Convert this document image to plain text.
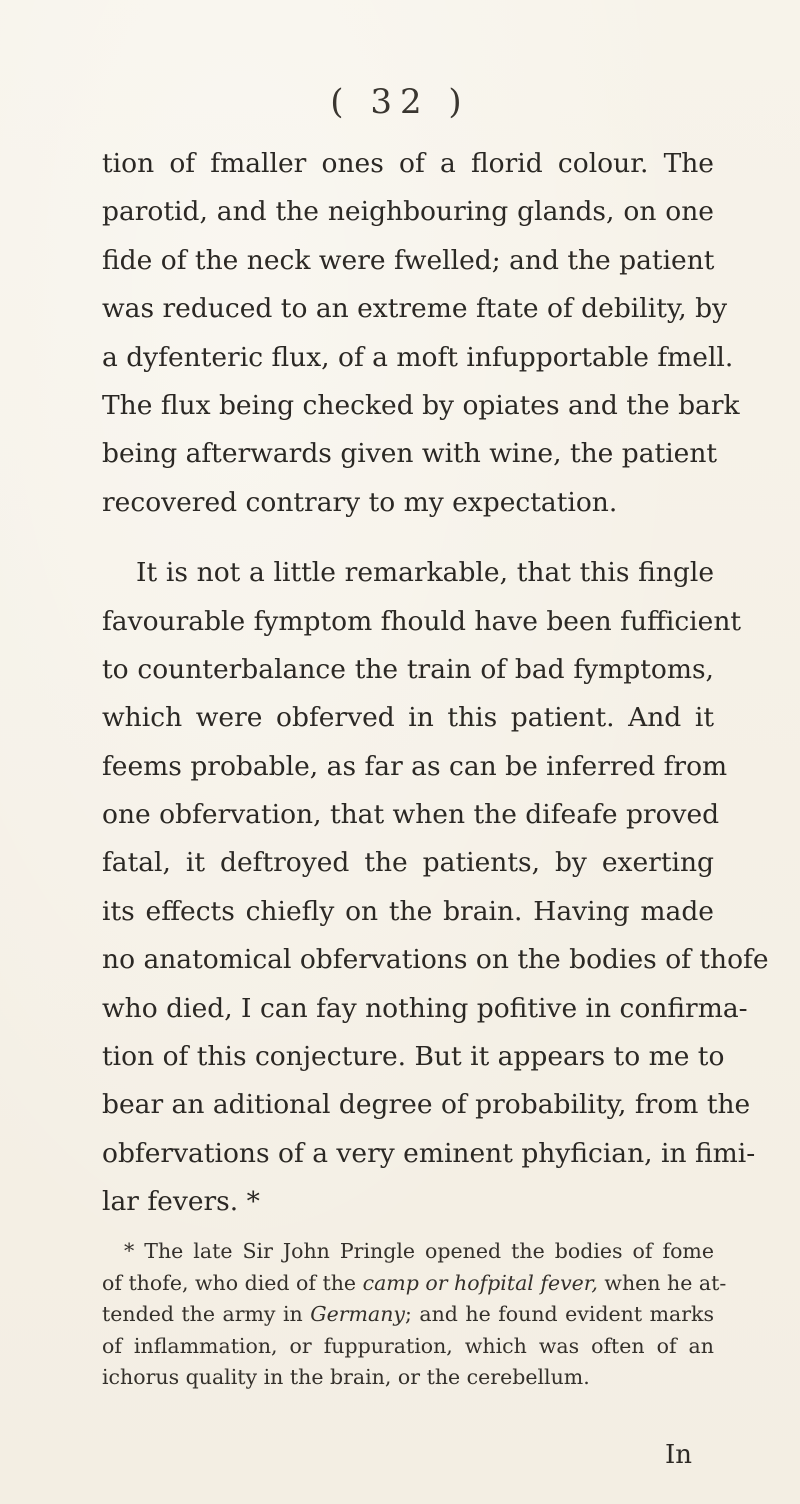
( 32 )
tion of fmaller ones of a florid colour. The
parotid, and the neighbouring glands, on one
fide of the neck were fwelled; and the patient
was reduced to an extreme ftate of debility, by
a dyfenteric flux, of a moft infupportable fmell.
The flux being checked by opiates and the bark
being afterwards given with wine, the patient
recovered contrary to my expectation.
It is not a little remarkable, that this fingle
favourable fymptom fhould have been fufficient
to counterbalance the train of bad fymptoms,
which were obferved in this patient. And it
feems probable, as far as can be inferred from
one obfervation, that when the difeafe proved
fatal, it deftroyed the patients, by exerting
its effects chiefly on the brain. Having made
no anatomical obfervations on the bodies of thofe
who died, I can fay nothing pofitive in confirma-
tion of this conjecture. But it appears to me to
bear an aditional degree of probability, from the
obfervations of a very eminent phyfician, in fimi-
lar fevers. *
* The late Sir John Pringle opened the bodies of fome
of thofe, who died of the camp or hofpital fever, when he at-
tended the army in Germany; and he found evident marks
of inflammation, or fuppuration, which was often of an
ichorus quality in the brain, or the cerebellum.
In
